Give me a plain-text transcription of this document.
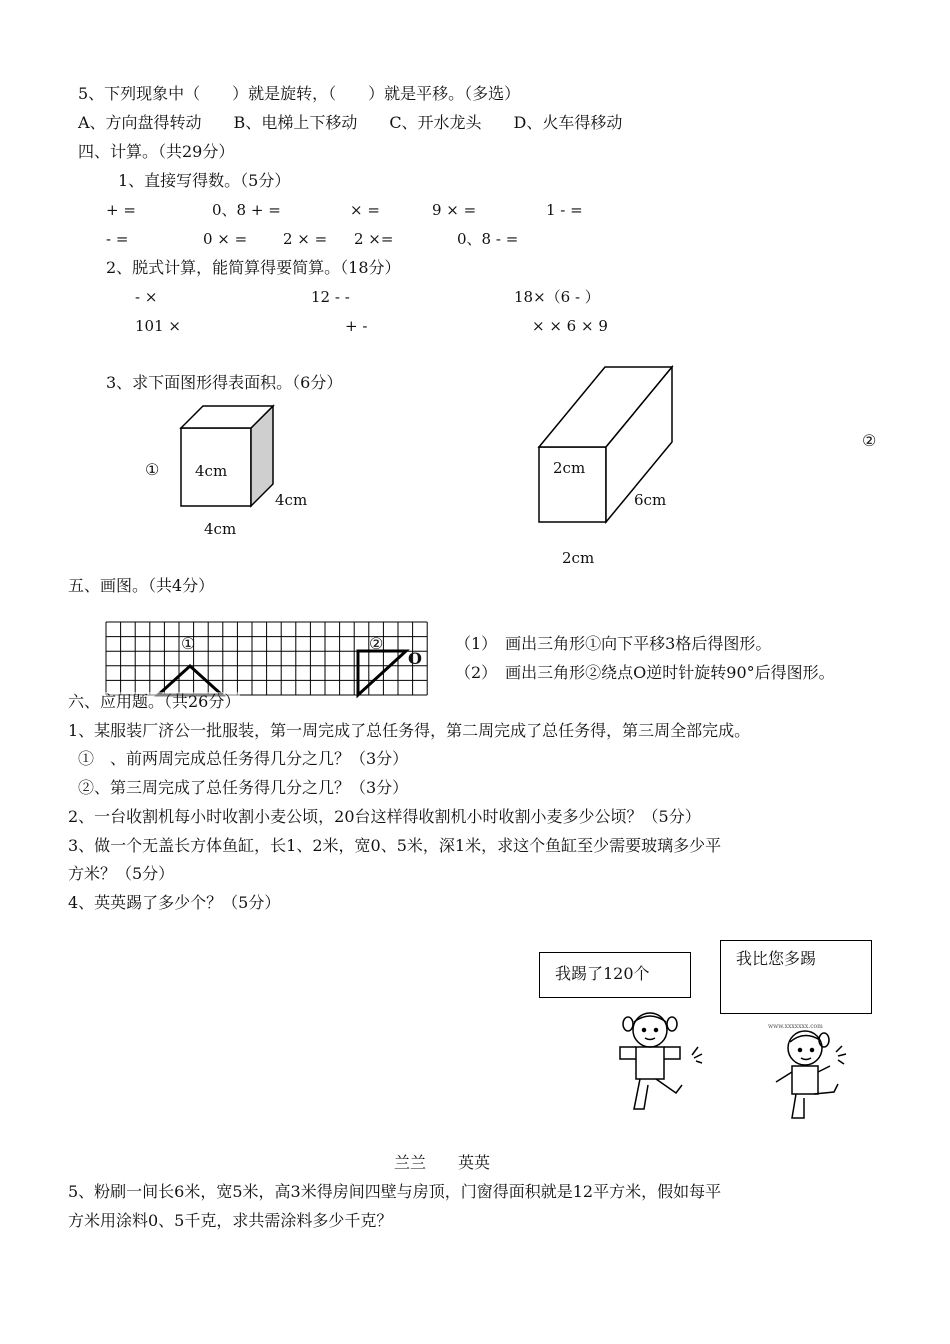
5、下列现象中（　　）就是旋转，（　　）就是平移。（多选）
A、方向盘得转动　　B、电梯上下移动　　C、开水龙头　　D、火车得移动
四、计算。（共29分）
1、直接写得数。（5分）
+ =	0、8 + =	× =	9 × =	1 - =
- =	0 × = 2 × = 2 ×=	0、8 - =
2、脱式计算，能简算得要简算。（18分）
- ×	12 - -	18×（6 - ）
101 ×	+ -	× × 6 × 9
3、求下面图形得表面积。（6分）
① 4cm
4cm
4cm
②
2cm
6cm
2cm
五、画图。（共4分）
①	②
O
（1）　画出三角形①向下平移3格后得图形。
（2）　画出三角形②绕点O逆时针旋转90°后得图形。
六、应用题。（共26分）
1、某服装厂济公一批服装，第一周完成了总任务得，第二周完成了总任务得，第三周全部完成。
①　、前两周完成总任务得几分之几？（3分）
②、第三周完成了总任务得几分之几？（3分）
2、一台收割机每小时收割小麦公顷，20台这样得收割机小时收割小麦多少公顷？（5分）
3、做一个无盖长方体鱼缸，长1、2米，宽0、5米，深1米，求这个鱼缸至少需要玻璃多少平
方米？（5分）
4、英英踢了多少个？（5分）
我踢了120个
我比您多踢
www.xxxxxxx.com
兰兰　　英英
5、粉刷一间长6米，宽5米，高3米得房间四壁与房顶，门窗得面积就是12平方米，假如每平
方米用涂料0、5千克，求共需涂料多少千克？
